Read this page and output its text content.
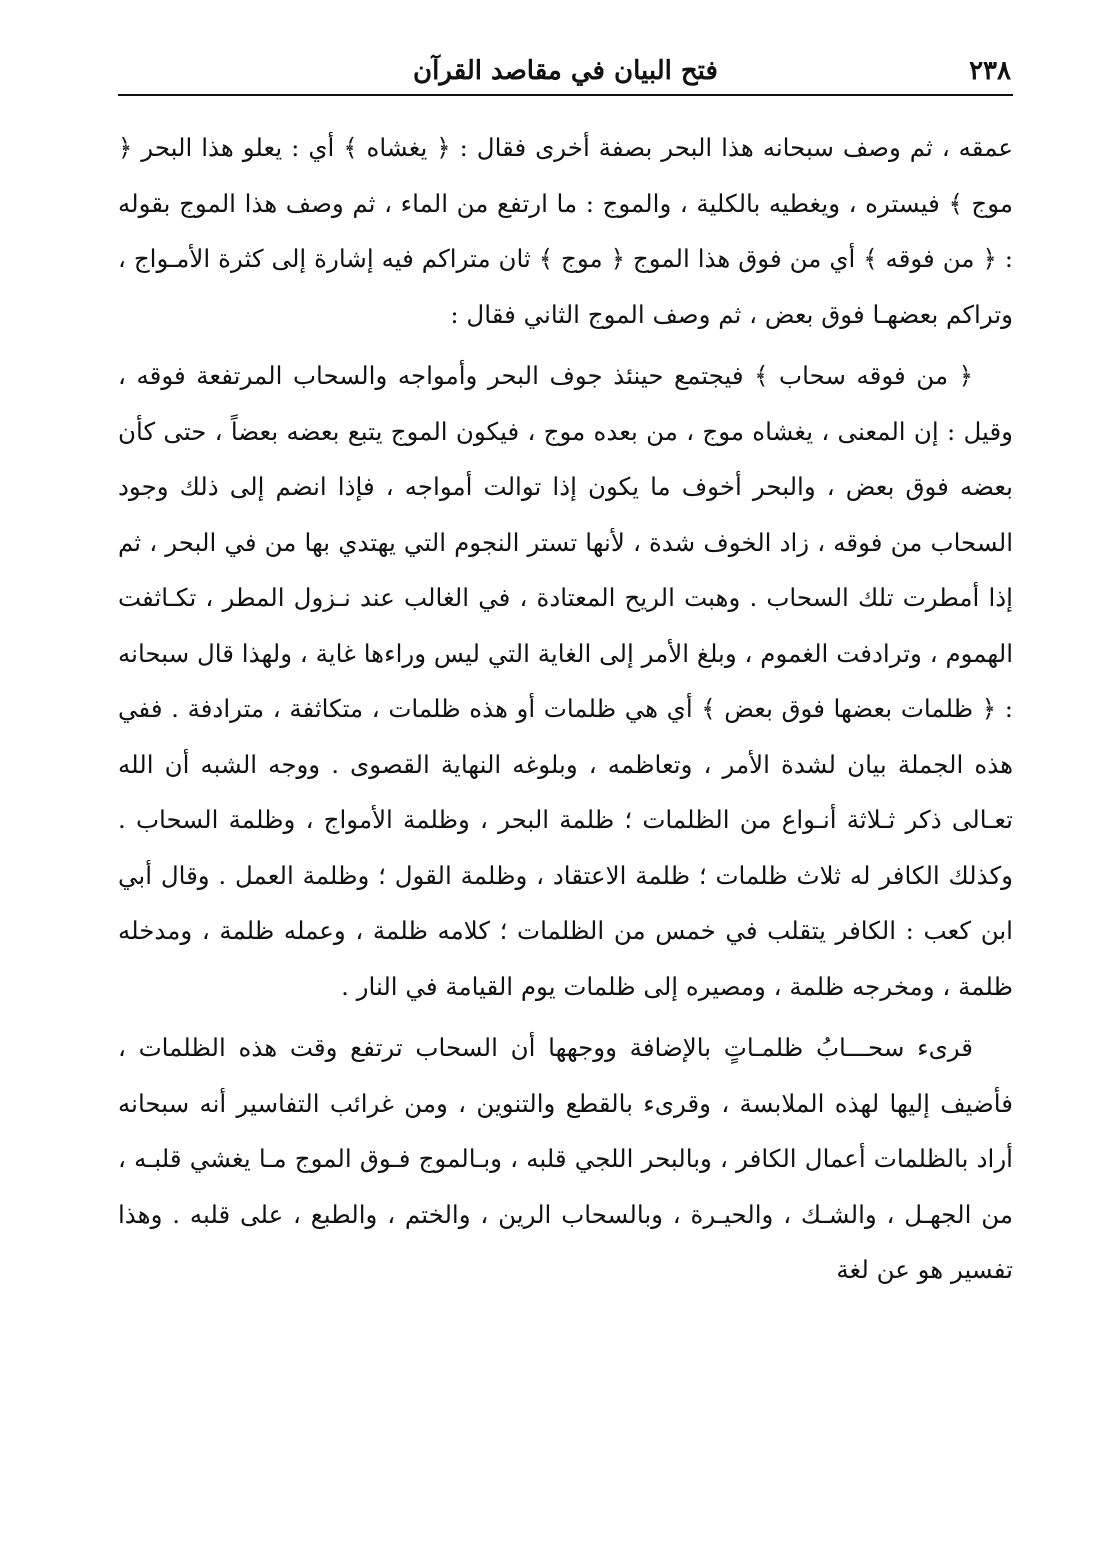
٢٣٨
فتح البيان في مقاصد القرآن

عمقه ، ثم وصف سبحانه هذا البحر بصفة أخرى فقال : ﴿ يغشاه ﴾ أي : يعلو هذا البحر ﴿ موج ﴾ فيستره ، ويغطيه بالكلية ، والموج : ما ارتفع من الماء ، ثم وصف هذا الموج بقوله : ﴿ من فوقه ﴾ أي من فوق هذا الموج ﴿ موج ﴾ ثان متراكم فيه إشارة إلى كثرة الأمـواج ، وتراكم بعضهـا فوق بعض ، ثم وصف الموج الثاني فقال :

﴿ من فوقه سحاب ﴾ فيجتمع حينئذ جوف البحر وأمواجه والسحاب المرتفعة فوقه ، وقيل : إن المعنى ، يغشاه موج ، من بعده موج ، فيكون الموج يتبع بعضه بعضاً ، حتى كأن بعضه فوق بعض ، والبحر أخوف ما يكون إذا توالت أمواجه ، فإذا انضم إلى ذلك وجود السحاب من فوقه ، زاد الخوف شدة ، لأنها تستر النجوم التي يهتدي بها من في البحر ، ثم إذا أمطرت تلك السحاب . وهبت الريح المعتادة ، في الغالب عند نـزول المطر ، تكـاثفت الهموم ، وترادفت الغموم ، وبلغ الأمر إلى الغاية التي ليس وراءها غاية ، ولهذا قال سبحانه : ﴿ ظلمات بعضها فوق بعض ﴾ أي هي ظلمات أو هذه ظلمات ، متكاثفة ، مترادفة . ففي هذه الجملة بيان لشدة الأمر ، وتعاظمه ، وبلوغه النهاية القصوى . ووجه الشبه أن الله تعـالى ذكر ثـلاثة أنـواع من الظلمات ؛ ظلمة البحر ، وظلمة الأمواج ، وظلمة السحاب . وكذلك الكافر له ثلاث ظلمات ؛ ظلمة الاعتقاد ، وظلمة القول ؛ وظلمة العمل . وقال أبي ابن كعب : الكافر يتقلب في خمس من الظلمات ؛ كلامه ظلمة ، وعمله ظلمة ، ومدخله ظلمة ، ومخرجه ظلمة ، ومصيره إلى ظلمات يوم القيامة في النار .

قرىء سحـــابُ ظلمـاتٍ بالإضافة ووجهها أن السحاب ترتفع وقت هذه الظلمات ، فأضيف إليها لهذه الملابسة ، وقرىء بالقطع والتنوين ، ومن غرائب التفاسير أنه سبحانه أراد بالظلمات أعمال الكافر ، وبالبحر اللجي قلبه ، وبـالموج فـوق الموج مـا يغشي قلبـه ، من الجهـل ، والشـك ، والحيـرة ، وبالسحاب الرين ، والختم ، والطبع ، على قلبه . وهذا تفسير هو عن لغة
